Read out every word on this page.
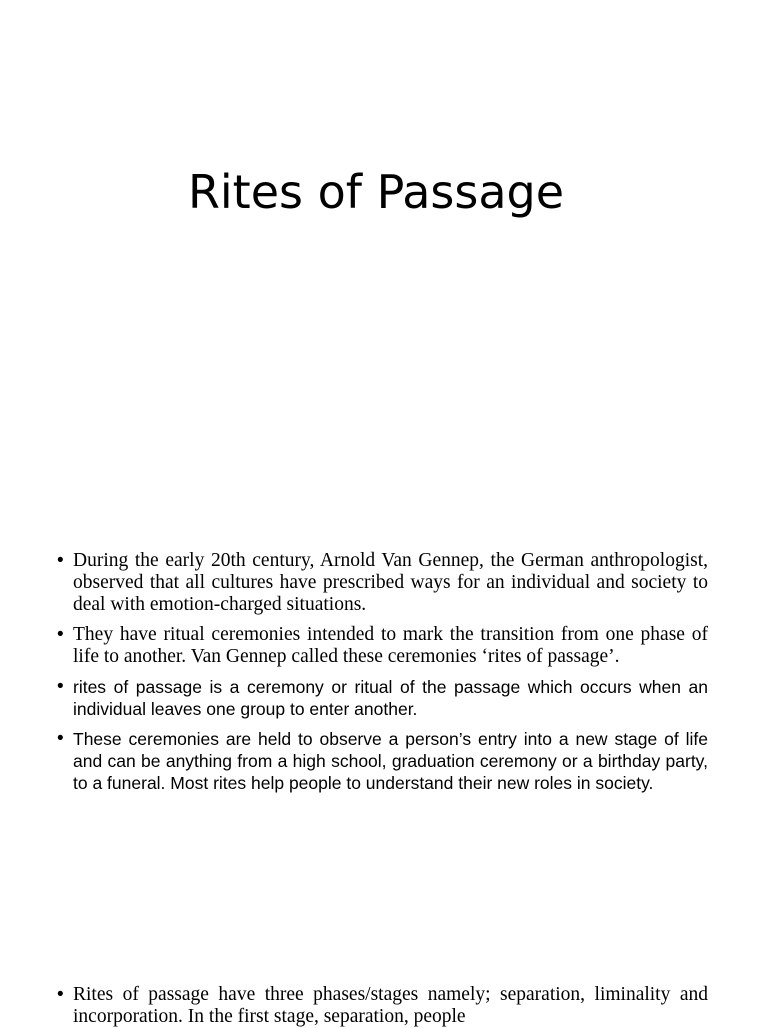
Rites of Passage
• During the early 20th century, Arnold Van Gennep, the German anthropologist, observed that all cultures have prescribed ways for an individual and society to deal with emotion-charged situations.
• They have ritual ceremonies intended to mark the transition from one phase of life to another. Van Gennep called these ceremonies ‘rites of passage’.
• rites of passage is a ceremony or ritual of the passage which occurs when an individual leaves one group to enter another.
• These ceremonies are held to observe a person’s entry into a new stage of life and can be anything from a high school, graduation ceremony or a birthday party, to a funeral. Most rites help people to understand their new roles in society.
• Rites of passage have three phases/stages namely; separation, liminality and incorporation. In the first stage, separation, people
